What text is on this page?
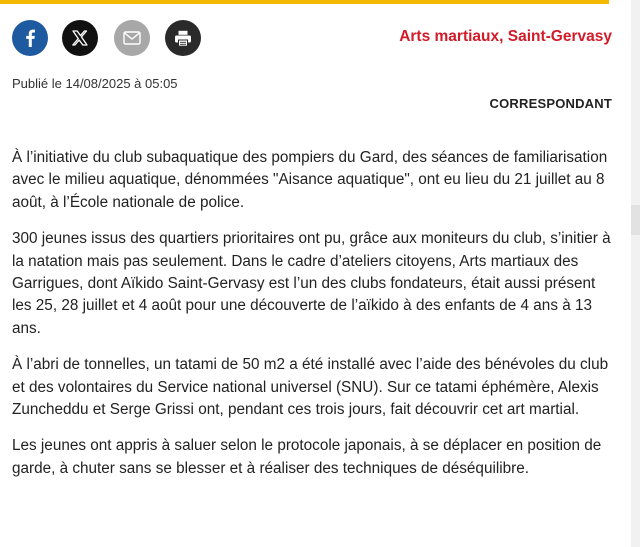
Arts martiaux, Saint-Gervasy
Publié le 14/08/2025 à 05:05
CORRESPONDANT

À l’initiative du club subaquatique des pompiers du Gard, des séances de familiarisation avec le milieu aquatique, dénommées "Aisance aquatique", ont eu lieu du 21 juillet au 8 août, à l’École nationale de police.

300 jeunes issus des quartiers prioritaires ont pu, grâce aux moniteurs du club, s’initier à la natation mais pas seulement. Dans le cadre d’ateliers citoyens, Arts martiaux des Garrigues, dont Aïkido Saint-Gervasy est l’un des clubs fondateurs, était aussi présent les 25, 28 juillet et 4 août pour une découverte de l’aïkido à des enfants de 4 ans à 13 ans.

À l’abri de tonnelles, un tatami de 50 m2 a été installé avec l’aide des bénévoles du club et des volontaires du Service national universel (SNU). Sur ce tatami éphémère, Alexis Zuncheddu et Serge Grissi ont, pendant ces trois jours, fait découvrir cet art martial.

Les jeunes ont appris à saluer selon le protocole japonais, à se déplacer en position de garde, à chuter sans se blesser et à réaliser des techniques de déséquilibre.
